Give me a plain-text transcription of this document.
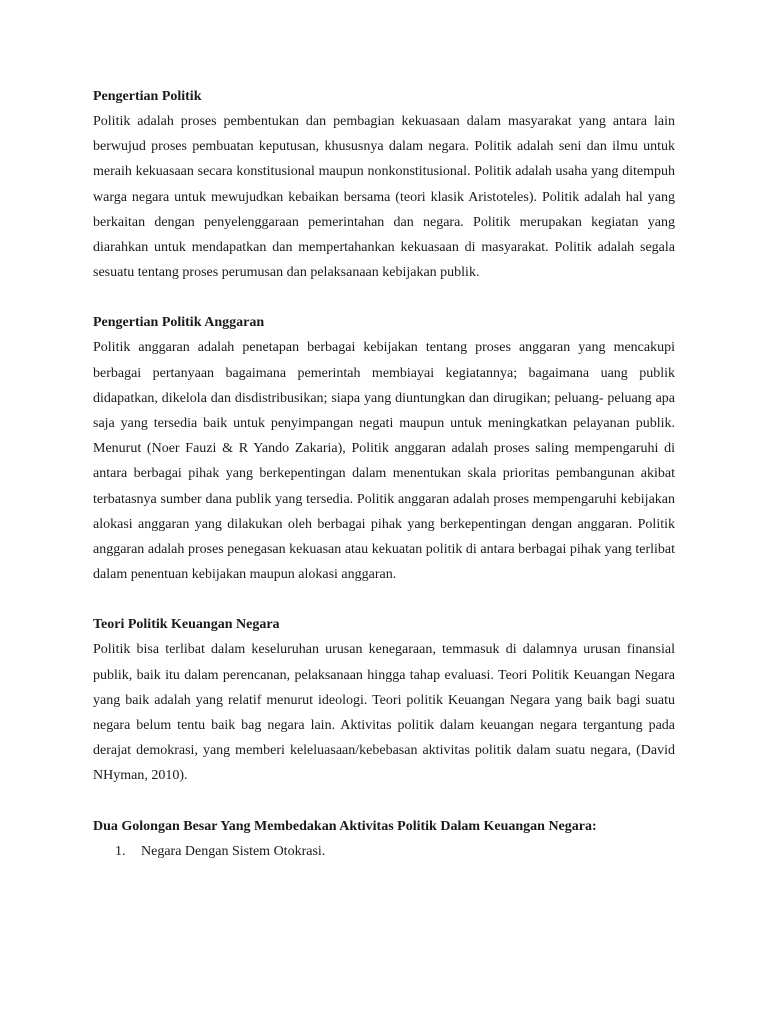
Pengertian Politik

Politik adalah proses pembentukan dan pembagian kekuasaan dalam masyarakat yang antara lain berwujud proses pembuatan keputusan, khususnya dalam negara. Politik adalah seni dan ilmu untuk meraih kekuasaan secara konstitusional maupun nonkonstitusional. Politik adalah usaha yang ditempuh warga negara untuk mewujudkan kebaikan bersama (teori klasik Aristoteles). Politik adalah hal yang berkaitan dengan penyelenggaraan pemerintahan dan negara. Politik merupakan kegiatan yang diarahkan untuk mendapatkan dan mempertahankan kekuasaan di masyarakat. Politik adalah segala sesuatu tentang proses perumusan dan pelaksanaan kebijakan publik.

Pengertian Politik Anggaran

Politik anggaran adalah penetapan berbagai kebijakan tentang proses anggaran yang mencakupi berbagai pertanyaan bagaimana pemerintah membiayai kegiatannya; bagaimana uang publik didapatkan, dikelola dan disdistribusikan; siapa yang diuntungkan dan dirugikan; peluang- peluang apa saja yang tersedia baik untuk penyimpangan negati maupun untuk meningkatkan pelayanan publik. Menurut (Noer Fauzi & R Yando Zakaria), Politik anggaran adalah proses saling mempengaruhi di antara berbagai pihak yang berkepentingan dalam menentukan skala prioritas pembangunan akibat terbatasnya sumber dana publik yang tersedia. Politik anggaran adalah proses mempengaruhi kebijakan alokasi anggaran yang dilakukan oleh berbagai pihak yang berkepentingan dengan anggaran. Politik anggaran adalah proses penegasan kekuasan atau kekuatan politik di antara berbagai pihak yang terlibat dalam penentuan kebijakan maupun alokasi anggaran.

Teori Politik Keuangan Negara

Politik bisa terlibat dalam keseluruhan urusan kenegaraan, temmasuk di dalamnya urusan finansial publik, baik itu dalam perencanan, pelaksanaan hingga tahap evaluasi. Teori Politik Keuangan Negara yang baik adalah yang relatif menurut ideologi. Teori politik Keuangan Negara yang baik bagi suatu negara belum tentu baik bag negara lain. Aktivitas politik dalam keuangan negara tergantung pada derajat demokrasi, yang memberi keleluasaan/kebebasan aktivitas politik dalam suatu negara, (David NHyman, 2010).

Dua Golongan Besar Yang Membedakan Aktivitas Politik Dalam Keuangan Negara:

1.	Negara Dengan Sistem Otokrasi.
